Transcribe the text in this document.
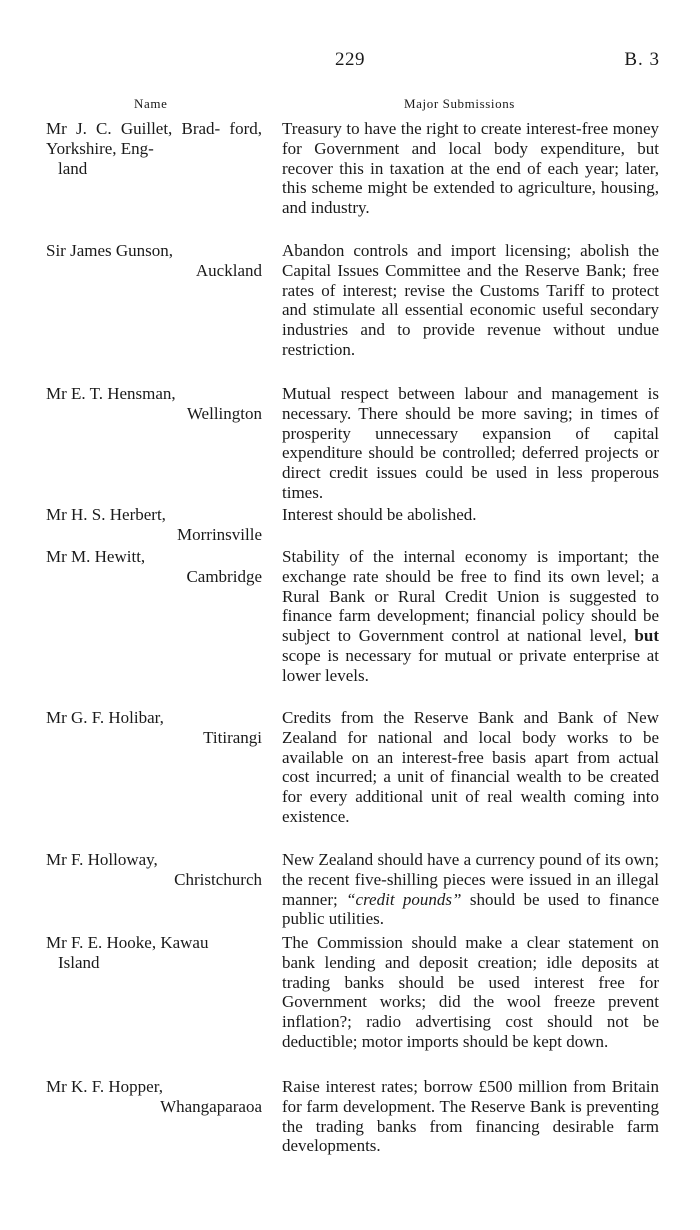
229	B. 3
Name	Major Submissions
Mr J. C. Guillet, Brad- ford, Yorkshire, Eng-
land
Treasury to have the right to create interest-free money for Government and local body expenditure, but recover this in taxation at the end of each year; later, this scheme might be extended to agriculture, housing, and industry.
Sir James Gunson,
Auckland
Abandon controls and import licensing; abolish the Capital Issues Committee and the Reserve Bank; free rates of interest; revise the Customs Tariff to protect and stimulate all essential economic useful secondary industries and to provide revenue without undue restriction.
Mr E. T. Hensman,
Wellington
Mutual respect between labour and management is necessary. There should be more saving; in times of prosperity unnecessary expansion of capital expenditure should be controlled; deferred projects or direct credit issues could be used in less properous times.
Mr H. S. Herbert,
Morrinsville
Interest should be abolished.
Mr M. Hewitt,
Cambridge
Stability of the internal economy is important; the exchange rate should be free to find its own level; a Rural Bank or Rural Credit Union is suggested to finance farm development; financial policy should be subject to Government control at national level, but scope is necessary for mutual or private enterprise at lower levels.
Mr G. F. Holibar,
Titirangi
Credits from the Reserve Bank and Bank of New Zealand for national and local body works to be available on an interest-free basis apart from actual cost incurred; a unit of financial wealth to be created for every additional unit of real wealth coming into existence.
Mr F. Holloway,
Christchurch
New Zealand should have a currency pound of its own; the recent five-shilling pieces were issued in an illegal manner; “credit pounds” should be used to finance public utilities.
Mr F. E. Hooke, Kawau
Island
The Commission should make a clear statement on bank lending and deposit creation; idle deposits at trading banks should be used interest free for Government works; did the wool freeze prevent inflation?; radio advertising cost should not be deductible; motor imports should be kept down.
Mr K. F. Hopper,
Whangaparaoa
Raise interest rates; borrow £500 million from Britain for farm development. The Reserve Bank is preventing the trading banks from financing desirable farm developments.
